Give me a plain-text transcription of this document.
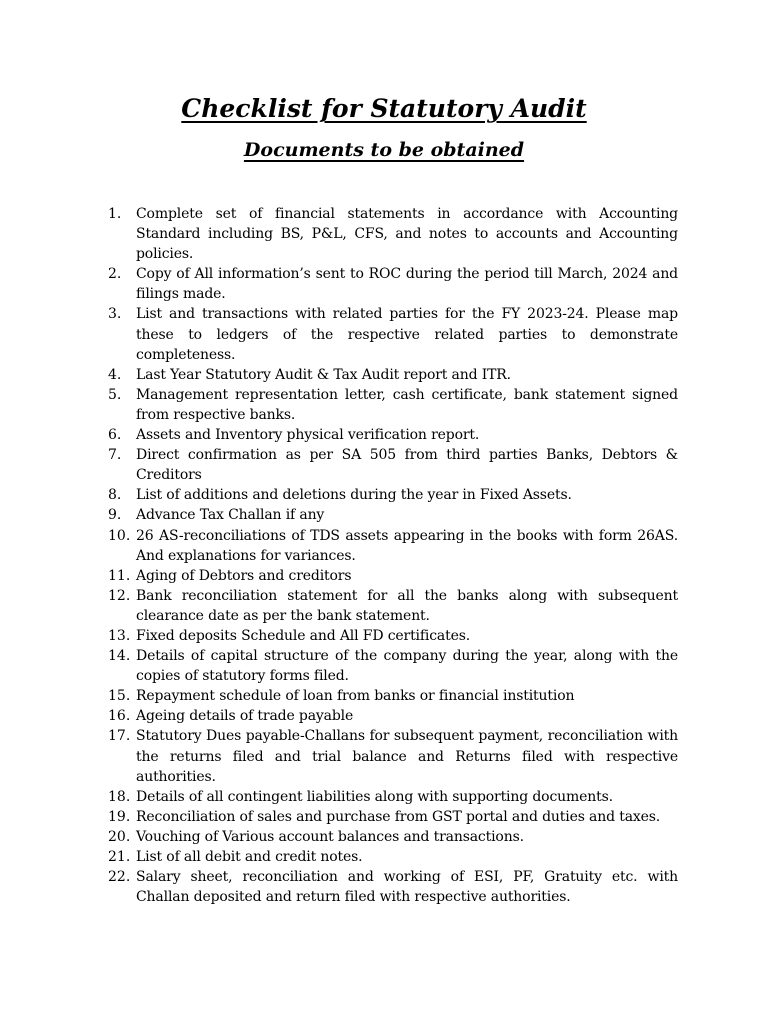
Checklist for Statutory Audit
Documents to be obtained
1.	Complete set of financial statements in accordance with Accounting Standard including BS, P&L, CFS, and notes to accounts and Accounting policies.
2.	Copy of All information’s sent to ROC during the period till March, 2024 and filings made.
3.	List and transactions with related parties for the FY 2023-24. Please map these to ledgers of the respective related parties to demonstrate completeness.
4.	Last Year Statutory Audit & Tax Audit report and ITR.
5.	Management representation letter, cash certificate, bank statement signed from respective banks.
6.	Assets and Inventory physical verification report.
7.	Direct confirmation as per SA 505 from third parties Banks, Debtors & Creditors
8.	List of additions and deletions during the year in Fixed Assets.
9.	Advance Tax Challan if any
10. 26 AS-reconciliations of TDS assets appearing in the books with form 26AS. And explanations for variances.
11. Aging of Debtors and creditors
12. Bank reconciliation statement for all the banks along with subsequent clearance date as per the bank statement.
13. Fixed deposits Schedule and All FD certificates.
14. Details of capital structure of the company during the year, along with the copies of statutory forms filed.
15. Repayment schedule of loan from banks or financial institution
16. Ageing details of trade payable
17. Statutory Dues payable-Challans for subsequent payment, reconciliation with the returns filed and trial balance and Returns filed with respective authorities.
18. Details of all contingent liabilities along with supporting documents.
19. Reconciliation of sales and purchase from GST portal and duties and taxes.
20. Vouching of Various account balances and transactions.
21. List of all debit and credit notes.
22. Salary sheet, reconciliation and working of ESI, PF, Gratuity etc. with Challan deposited and return filed with respective authorities.
